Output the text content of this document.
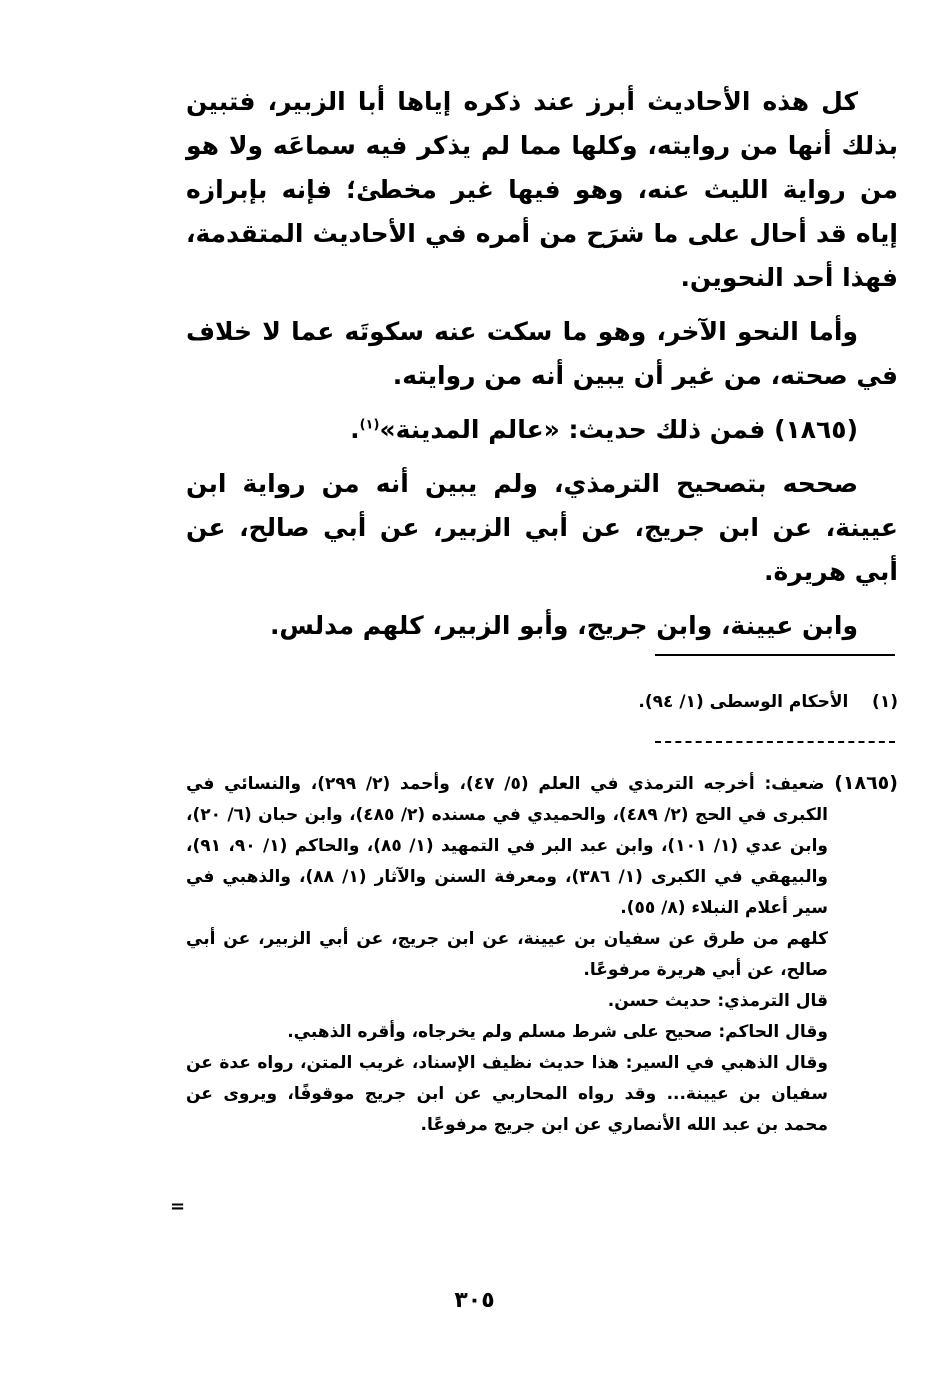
كل هذه الأحاديث أبرز عند ذكره إياها أبا الزبير، فتبين بذلك أنها من روايته، وكلها مما لم يذكر فيه سماعَه ولا هو من رواية الليث عنه، وهو فيها غير مخطئ؛ فإنه بإبرازه إياه قد أحال على ما شرَح من أمره في الأحاديث المتقدمة، فهذا أحد النحوين.

وأما النحو الآخر، وهو ما سكت عنه سكوتَه عما لا خلاف في صحته، من غير أن يبين أنه من روايته.

(١٨٦٥) فمن ذلك حديث: «عالم المدينة»$^{(١)}$.

صححه بتصحيح الترمذي، ولم يبين أنه من رواية ابن عيينة، عن ابن جريج، عن أبي الزبير، عن أبي صالح، عن أبي هريرة.

وابن عيينة، وابن جريج، وأبو الزبير، كلهم مدلس.

(١)    الأحكام الوسطى (١/ ٩٤).

(١٨٦٥) ضعيف: أخرجه الترمذي في العلم (٥/ ٤٧)، وأحمد (٢/ ٢٩٩)، والنسائي في الكبرى في الحج (٢/ ٤٨٩)، والحميدي في مسنده (٢/ ٤٨٥)، وابن حبان (٦/ ٢٠)، وابن عدي (١/ ١٠١)، وابن عبد البر في التمهيد (١/ ٨٥)، والحاكم (١/ ٩٠، ٩١)، والبيهقي في الكبرى (١/ ٣٨٦)، ومعرفة السنن والآثار (١/ ٨٨)، والذهبي في سير أعلام النبلاء (٨/ ٥٥).

كلهم من طرق عن سفيان بن عيينة، عن ابن جريج، عن أبي الزبير، عن أبي صالح، عن أبي هريرة مرفوعًا.

قال الترمذي: حديث حسن.

وقال الحاكم: صحيح على شرط مسلم ولم يخرجاه، وأقره الذهبي.

وقال الذهبي في السير: هذا حديث نظيف الإسناد، غريب المتن، رواه عدة عن سفيان بن عيينة... وقد رواه المحاربي عن ابن جريج موقوفًا، ويروى عن محمد بن عبد الله الأنصاري عن ابن جريج مرفوعًا.

=
٣٠٥
